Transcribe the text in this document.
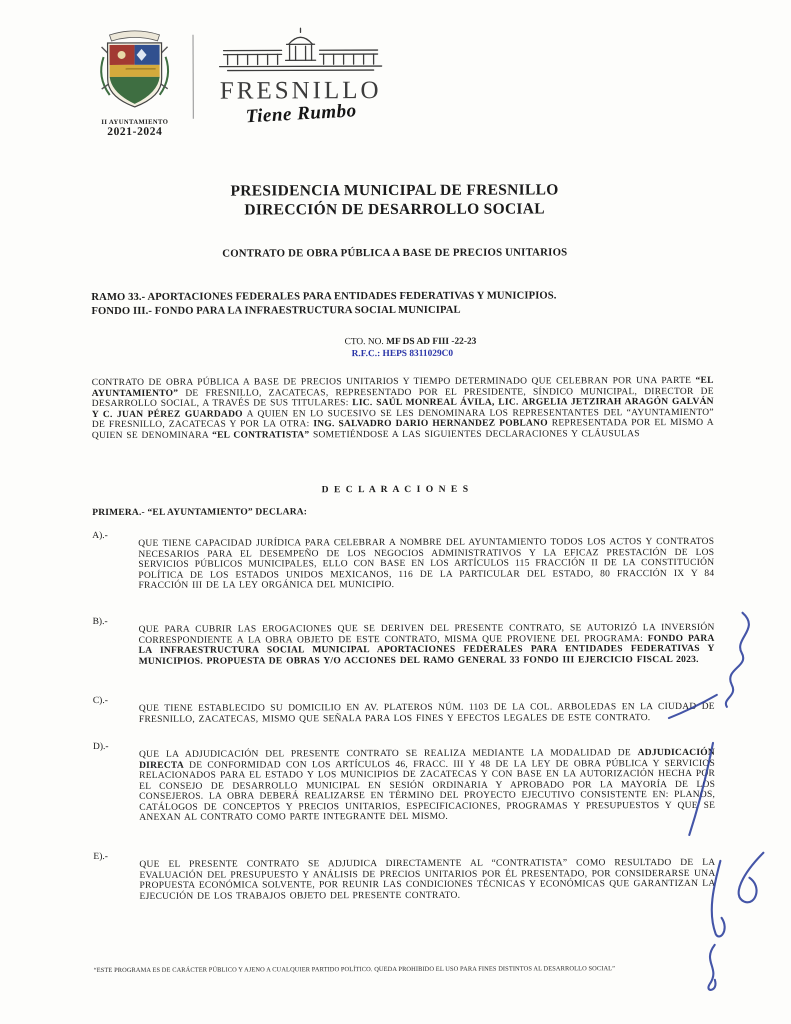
II AYUNTAMIENTO
2021-2024
FRESNILLO
Tiene Rumbo
PRESIDENCIA MUNICIPAL DE FRESNILLO
DIRECCIÓN DE DESARROLLO SOCIAL
CONTRATO DE OBRA PÚBLICA A BASE DE PRECIOS UNITARIOS
RAMO 33.- APORTACIONES FEDERALES PARA ENTIDADES FEDERATIVAS Y MUNICIPIOS.
FONDO III.- FONDO PARA LA INFRAESTRUCTURA SOCIAL MUNICIPAL
CTO. NO. MF DS AD FIII -22-23
R.F.C.: HEPS 8311029C0
CONTRATO DE OBRA PÚBLICA A BASE DE PRECIOS UNITARIOS Y TIEMPO DETERMINADO QUE CELEBRAN POR UNA PARTE “EL AYUNTAMIENTO” DE FRESNILLO, ZACATECAS, REPRESENTADO POR EL PRESIDENTE, SÍNDICO MUNICIPAL, DIRECTOR DE DESARROLLO SOCIAL, A TRAVÉS DE SUS TITULARES: LIC. SAÚL MONREAL ÁVILA, LIC. ARGELIA JETZIRAH ARAGÓN GALVÁN Y C. JUAN PÉREZ GUARDADO A QUIEN EN LO SUCESIVO SE LES DENOMINARA LOS REPRESENTANTES DEL “AYUNTAMIENTO” DE FRESNILLO, ZACATECAS Y POR LA OTRA: ING. SALVADRO DARIO HERNANDEZ POBLANO REPRESENTADA POR EL MISMO A QUIEN SE DENOMINARA “EL CONTRATISTA” SOMETIÉNDOSE A LAS SIGUIENTES DECLARACIONES Y CLÁUSULAS
D E C L A R A C I O N E S
PRIMERA.- “EL AYUNTAMIENTO” DECLARA:
A).-
QUE TIENE CAPACIDAD JURÍDICA PARA CELEBRAR A NOMBRE DEL AYUNTAMIENTO TODOS LOS ACTOS Y CONTRATOS NECESARIOS PARA EL DESEMPEÑO DE LOS NEGOCIOS ADMINISTRATIVOS Y LA EFICAZ PRESTACIÓN DE LOS SERVICIOS PÚBLICOS MUNICIPALES, ELLO CON BASE EN LOS ARTÍCULOS 115 FRACCIÓN II DE LA CONSTITUCIÓN POLÍTICA DE LOS ESTADOS UNIDOS MEXICANOS, 116 DE LA PARTICULAR DEL ESTADO, 80 FRACCIÓN IX Y 84 FRACCIÓN III DE LA LEY ORGÁNICA DEL MUNICIPIO.
B).-
QUE PARA CUBRIR LAS EROGACIONES QUE SE DERIVEN DEL PRESENTE CONTRATO, SE AUTORIZÓ LA INVERSIÓN CORRESPONDIENTE A LA OBRA OBJETO DE ESTE CONTRATO, MISMA QUE PROVIENE DEL PROGRAMA: FONDO PARA LA INFRAESTRUCTURA SOCIAL MUNICIPAL APORTACIONES FEDERALES PARA ENTIDADES FEDERATIVAS Y MUNICIPIOS. PROPUESTA DE OBRAS Y/O ACCIONES DEL RAMO GENERAL 33 FONDO III EJERCICIO FISCAL 2023.
C).-
QUE TIENE ESTABLECIDO SU DOMICILIO EN AV. PLATEROS NÚM. 1103 DE LA COL. ARBOLEDAS EN LA CIUDAD DE FRESNILLO, ZACATECAS, MISMO QUE SEÑALA PARA LOS FINES Y EFECTOS LEGALES DE ESTE CONTRATO.
D).-
QUE LA ADJUDICACIÓN DEL PRESENTE CONTRATO SE REALIZA MEDIANTE LA MODALIDAD DE ADJUDICACIÓN DIRECTA DE CONFORMIDAD CON LOS ARTÍCULOS 46, FRACC. III Y 48 DE LA LEY DE OBRA PÚBLICA Y SERVICIOS RELACIONADOS PARA EL ESTADO Y LOS MUNICIPIOS DE ZACATECAS Y CON BASE EN LA AUTORIZACIÓN HECHA POR EL CONSEJO DE DESARROLLO MUNICIPAL EN SESIÓN ORDINARIA Y APROBADO POR LA MAYORÍA DE LOS CONSEJEROS. LA OBRA DEBERÁ REALIZARSE EN TÉRMINO DEL PROYECTO EJECUTIVO CONSISTENTE EN: PLANOS, CATÁLOGOS DE CONCEPTOS Y PRECIOS UNITARIOS, ESPECIFICACIONES, PROGRAMAS Y PRESUPUESTOS Y QUE SE ANEXAN AL CONTRATO COMO PARTE INTEGRANTE DEL MISMO.
E).-
QUE EL PRESENTE CONTRATO SE ADJUDICA DIRECTAMENTE AL “CONTRATISTA” COMO RESULTADO DE LA EVALUACIÓN DEL PRESUPUESTO Y ANÁLISIS DE PRECIOS UNITARIOS POR ÉL PRESENTADO, POR CONSIDERARSE UNA PROPUESTA ECONÓMICA SOLVENTE, POR REUNIR LAS CONDICIONES TÉCNICAS Y ECONÓMICAS QUE GARANTIZAN LA EJECUCIÓN DE LOS TRABAJOS OBJETO DEL PRESENTE CONTRATO.
“ESTE PROGRAMA ES DE CARÁCTER PÚBLICO Y AJENO A CUALQUIER PARTIDO POLÍTICO. QUEDA PROHIBIDO EL USO PARA FINES DISTINTOS AL DESARROLLO SOCIAL”
